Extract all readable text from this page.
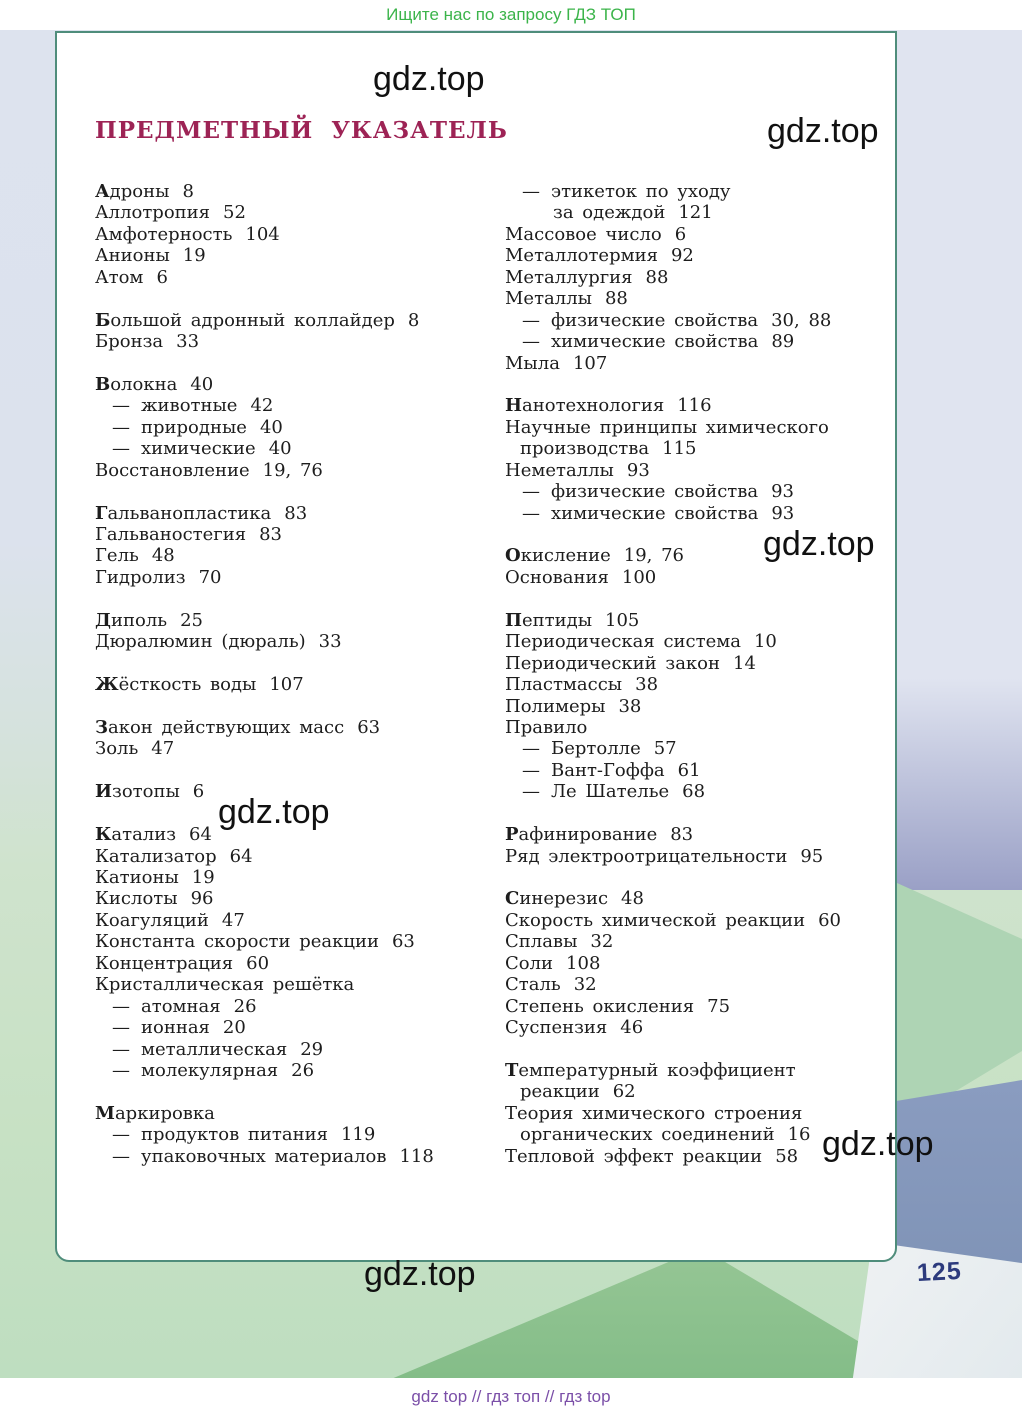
125
ПРЕДМЕТНЫЙ УКАЗАТЕЛЬ
Адроны 8
Аллотропия 52
Амфотерность 104
Анионы 19
Атом 6
Большой адронный коллайдер 8
Бронза 33
Волокна 40
— животные 42
— природные 40
— химические 40
Восстановление 19, 76
Гальванопластика 83
Гальваностегия 83
Гель 48
Гидролиз 70
Диполь 25
Дюралюмин (дюраль) 33
Жёсткость воды 107
Закон действующих масс 63
Золь 47
Изотопы 6
Катализ 64
Катализатор 64
Катионы 19
Кислоты 96
Коагуляций 47
Константа скорости реакции 63
Концентрация 60
Кристаллическая решётка
— атомная 26
— ионная 20
— металлическая 29
— молекулярная 26
Маркировка
— продуктов питания 119
— упаковочных материалов 118
— этикеток по уходу
за одеждой 121
Массовое число 6
Металлотермия 92
Металлургия 88
Металлы 88
— физические свойства 30, 88
— химические свойства 89
Мыла 107
Нанотехнология 116
Научные принципы химического
производства 115
Неметаллы 93
— физические свойства 93
— химические свойства 93
Окисление 19, 76
Основания 100
Пептиды 105
Периодическая система 10
Периодический закон 14
Пластмассы 38
Полимеры 38
Правило
— Бертолле 57
— Вант-Гоффа 61
— Ле Шателье 68
Рафинирование 83
Ряд электроотрицательности 95
Синерезис 48
Скорость химической реакции 60
Сплавы 32
Соли 108
Сталь 32
Степень окисления 75
Суспензия 46
Температурный коэффициент
реакции 62
Теория химического строения
органических соединений 16
Тепловой эффект реакции 58
gdz.top
gdz.top
gdz.top
gdz.top
gdz.top
gdz.top
Ищите нас по запросу ГДЗ ТОП
gdz top // гдз топ // гдз top
